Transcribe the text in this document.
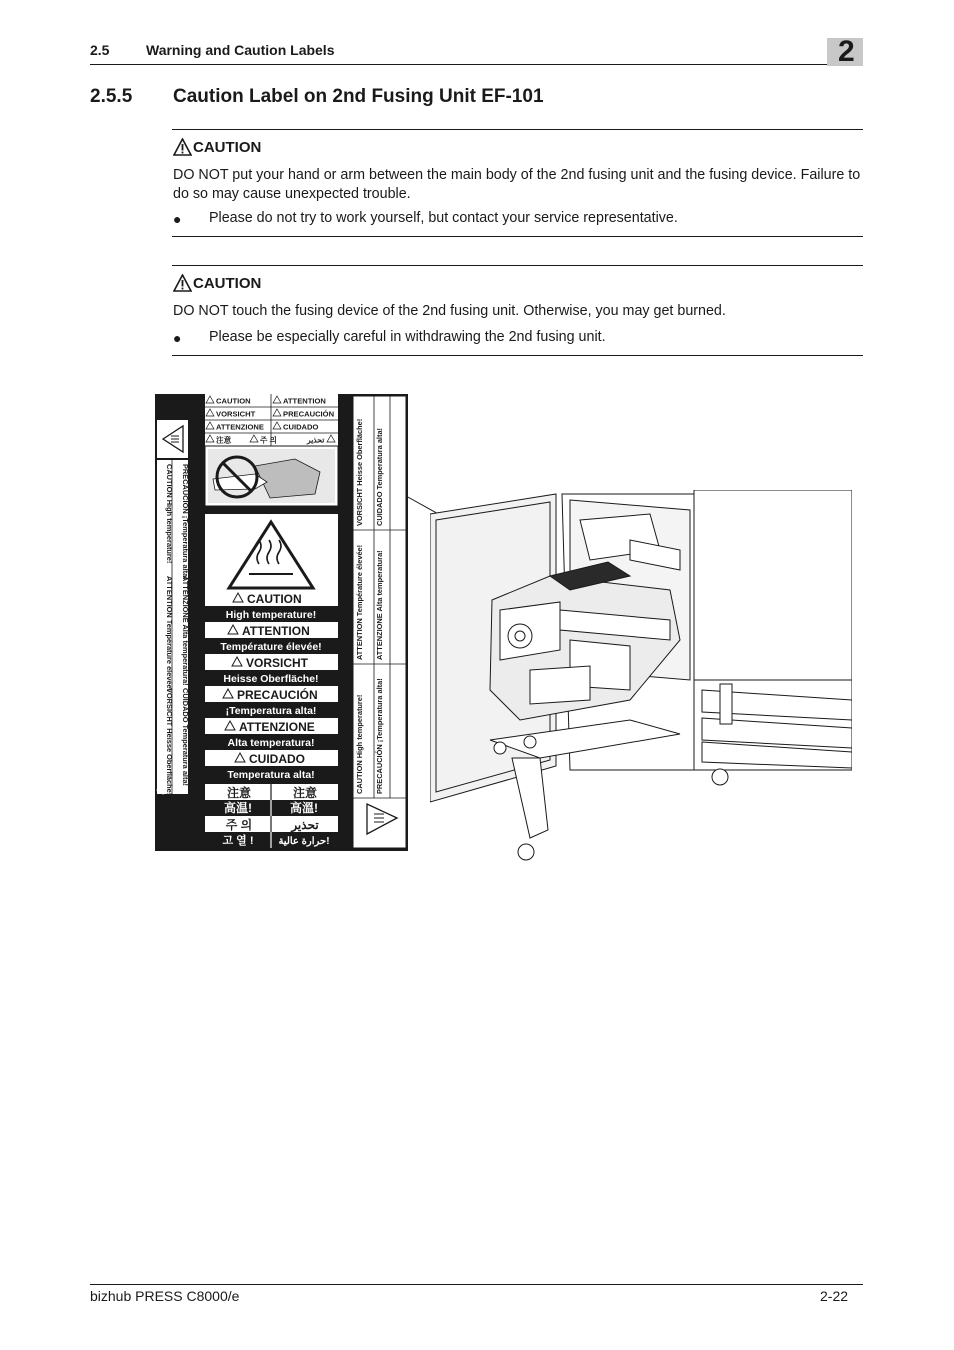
2.5	Warning and Caution Labels	2
2.5.5 Caution Label on 2nd Fusing Unit EF-101
CAUTION
DO NOT put your hand or arm between the main body of the 2nd fusing unit and the fusing device. Failure to do so may cause unexpected trouble.
● Please do not try to work yourself, but contact your service representative.
CAUTION
DO NOT touch the fusing device of the 2nd fusing unit. Otherwise, you may get burned.
● Please be especially careful in withdrawing the 2nd fusing unit.
CAUTION High temperature! PRECAUCIÓN ¡Temperatura alta!
ATTENTION Température élevée! ATTENZIONE Alta temperatura!
VORSICHT Heisse Oberfläche! CUIDADO Temperatura alta!
CAUTION	ATTENTION
VORSICHT	PRECAUCIÓN
ATTENZIONE	CUIDADO
注意	주 의	تحذير
CAUTION
High temperature!
ATTENTION
Température élevée!
VORSICHT
Heisse Oberfläche!
PRECAUCIÓN
¡Temperatura alta!
ATTENZIONE
Alta temperatura!
CUIDADO
Temperatura alta!
注意	注意
高温!	高溫!
주 의	تحذير
고 열 ! حرارة عالية!
VORSICHT Heisse Oberfläche! CUIDADO Temperatura alta!
ATTENTION Température élevée! ATTENZIONE Alta temperatura!
CAUTION High temperature! PRECAUCIÓN ¡Temperatura alta!
bizhub PRESS C8000/e	2-22
